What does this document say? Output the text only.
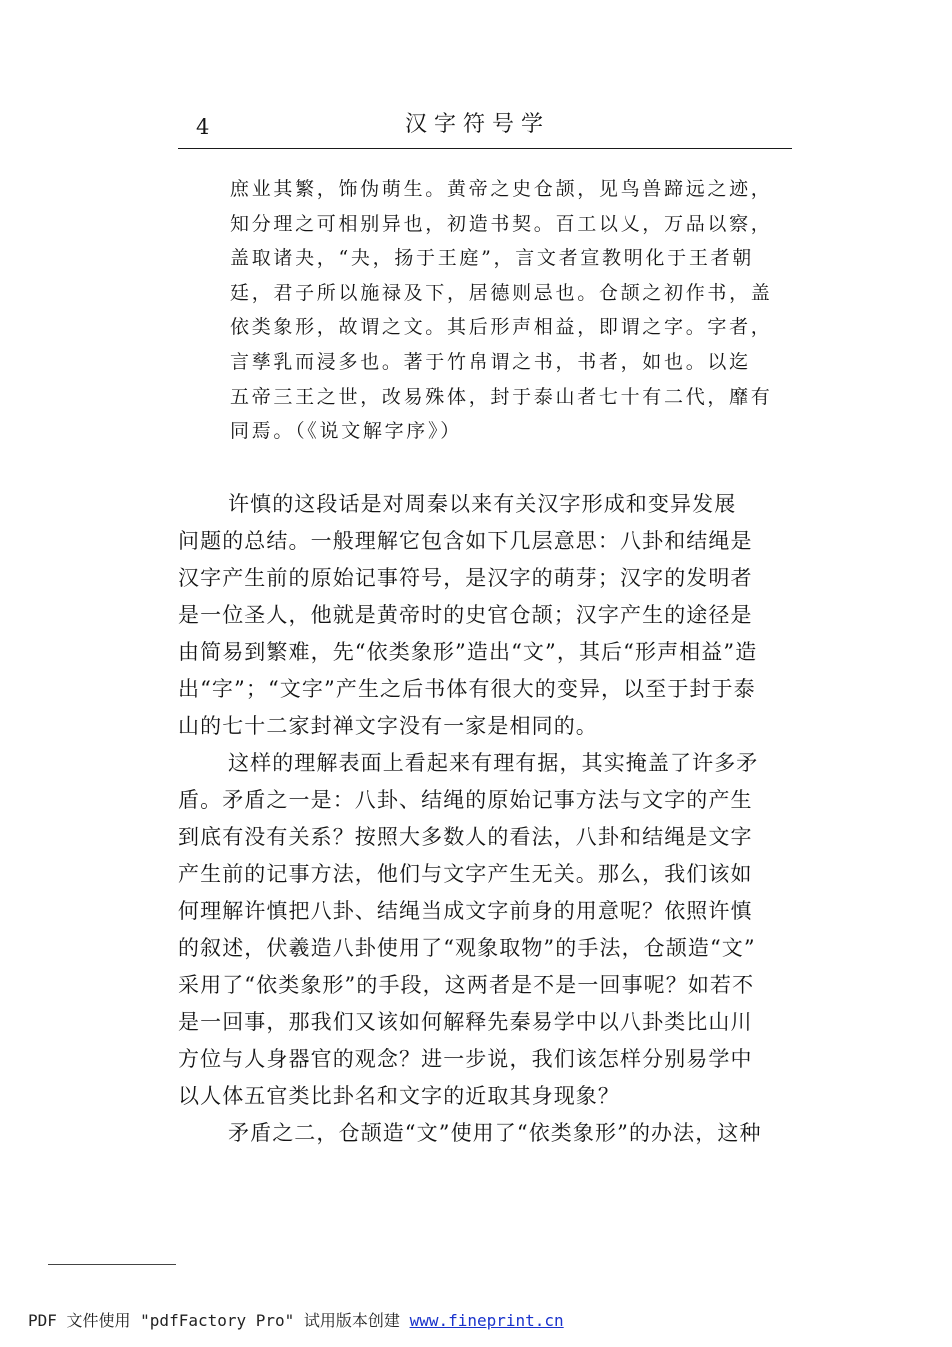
4	汉字符号学
庶业其繁，饰伪萌生。黄帝之史仓颉，见鸟兽蹄远之迹，
知分理之可相别异也，初造书契。百工以乂，万品以察，
盖取诸夬，“夬，扬于王庭”，言文者宣教明化于王者朝
廷，君子所以施禄及下，居德则忌也。仓颉之初作书，盖
依类象形，故谓之文。其后形声相益，即谓之字。字者，
言孳乳而浸多也。著于竹帛谓之书，书者，如也。以迄
五帝三王之世，改易殊体，封于泰山者七十有二代，靡有
同焉。（《说文解字序》）
许慎的这段话是对周秦以来有关汉字形成和变异发展
问题的总结。一般理解它包含如下几层意思：八卦和结绳是
汉字产生前的原始记事符号，是汉字的萌芽；汉字的发明者
是一位圣人，他就是黄帝时的史官仓颉；汉字产生的途径是
由简易到繁难，先“依类象形”造出“文”，其后“形声相益”造
出“字”；“文字”产生之后书体有很大的变异，以至于封于泰
山的七十二家封禅文字没有一家是相同的。
这样的理解表面上看起来有理有据，其实掩盖了许多矛
盾。矛盾之一是：八卦、结绳的原始记事方法与文字的产生
到底有没有关系？按照大多数人的看法，八卦和结绳是文字
产生前的记事方法，他们与文字产生无关。那么，我们该如
何理解许慎把八卦、结绳当成文字前身的用意呢？依照许慎
的叙述，伏羲造八卦使用了“观象取物”的手法，仓颉造“文”
采用了“依类象形”的手段，这两者是不是一回事呢？如若不
是一回事，那我们又该如何解释先秦易学中以八卦类比山川
方位与人身器官的观念？进一步说，我们该怎样分别易学中
以人体五官类比卦名和文字的近取其身现象？
矛盾之二，仓颉造“文”使用了“依类象形”的办法，这种
PDF 文件使用 "pdfFactory Pro" 试用版本创建 www.fineprint.cn
